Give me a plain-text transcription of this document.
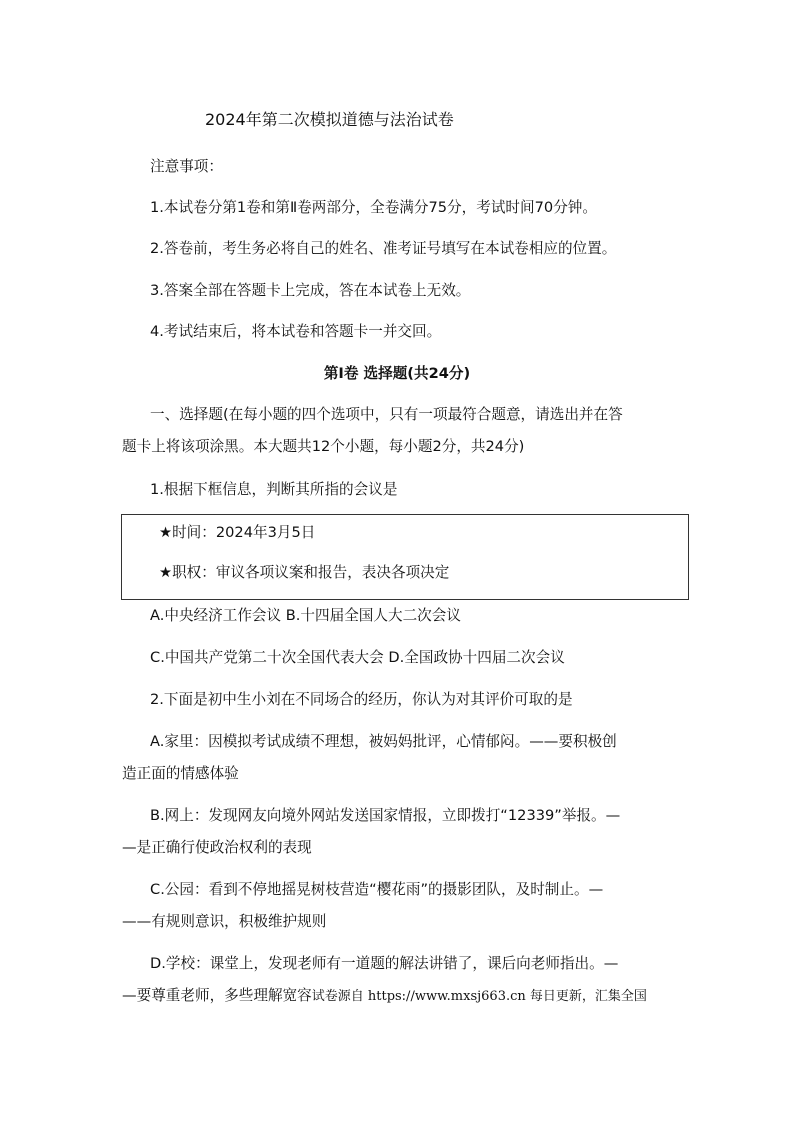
2024年第二次模拟道德与法治试卷
注意事项：
1.本试卷分第1卷和第Ⅱ卷两部分，全卷满分75分，考试时间70分钟。
2.答卷前，考生务必将自己的姓名、准考证号填写在本试卷相应的位置。
3.答案全部在答题卡上完成，答在本试卷上无效。
4.考试结束后，将本试卷和答题卡一并交回。
第Ⅰ卷 选择题(共24分)
一、选择题(在每小题的四个选项中，只有一项最符合题意，请选出并在答
题卡上将该项涂黑。本大题共12个小题，每小题2分，共24分)
1.根据下框信息，判断其所指的会议是
★时间：2024年3月5日
★职权：审议各项议案和报告，表决各项决定
A.中央经济工作会议 B.十四届全国人大二次会议
C.中国共产党第二十次全国代表大会 D.全国政协十四届二次会议
2.下面是初中生小刘在不同场合的经历，你认为对其评价可取的是
A.家里：因模拟考试成绩不理想，被妈妈批评，心情郁闷。——要积极创
造正面的情感体验
B.网上：发现网友向境外网站发送国家情报，立即拨打“12339”举报。—
—是正确行使政治权利的表现
C.公园：看到不停地摇晃树枝营造“樱花雨”的摄影团队，及时制止。—
——有规则意识，积极维护规则
D.学校：课堂上，发现老师有一道题的解法讲错了，课后向老师指出。—
—要尊重老师，多些理解宽容试卷源自 https://www.mxsj663.cn 每日更新，汇集全国
